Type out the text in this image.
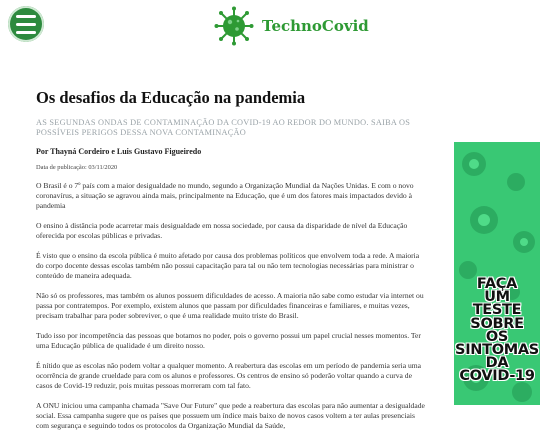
TechnoCovid
Os desafios da Educação na pandemia
AS SEGUNDAS ONDAS DE CONTAMINAÇÃO DA COVID-19 AO REDOR DO MUNDO. SAIBA OS POSSÍVEIS PERIGOS DESSA NOVA CONTAMINAÇÃO
Por Thayná Cordeiro e Luis Gustavo Figueiredo
Data de publicação: 03/11/2020

O Brasil é o 7º país com a maior desigualdade no mundo, segundo a Organização Mundial da Nações Unidas. E com o novo coronavírus, a situação se agravou ainda mais, principalmente na Educação, que é um dos fatores mais impactados devido à pandemia

O ensino à distância pode acarretar mais desigualdade em nossa sociedade, por causa da disparidade de nível da Educação oferecida por escolas públicas e privadas.

É visto que o ensino da escola pública é muito afetado por causa dos problemas políticos que envolvem toda a rede. A maioria do corpo docente dessas escolas também não possui capacitação para tal ou não tem tecnologias necessárias para ministrar o conteúdo de maneira adequada.

Não só os professores, mas também os alunos possuem dificuldades de acesso. A maioria não sabe como estudar via internet ou passa por contratempos. Por exemplo, existem alunos que passam por dificuldades financeiras e familiares, e muitas vezes, precisam trabalhar para poder sobreviver, o que é uma realidade muito triste do Brasil.

Tudo isso por incompetência das pessoas que botamos no poder, pois o governo possui um papel crucial nesses momentos. Ter uma Educação pública de qualidade é um direito nosso.

É nítido que as escolas não podem voltar a qualquer momento. A reabertura das escolas em um período de pandemia seria uma ocorrência de grande crueldade para com os alunos e professores. Os centros de ensino só poderão voltar quando a curva de casos de Covid-19 reduzir, pois muitas pessoas morreram com tal fato.

A ONU iniciou uma campanha chamada "Save Our Future" que pede a reabertura das escolas para não aumentar a desigualdade social. Essa campanha sugere que os países que possuem um índice mais baixo de novos casos voltem a ter aulas presenciais com segurança e seguindo todos os protocolos da Organização Mundial da Saúde,

FAÇA
UM
TESTE
SOBRE
OS
SINTOMAS
DA
COVID-19
